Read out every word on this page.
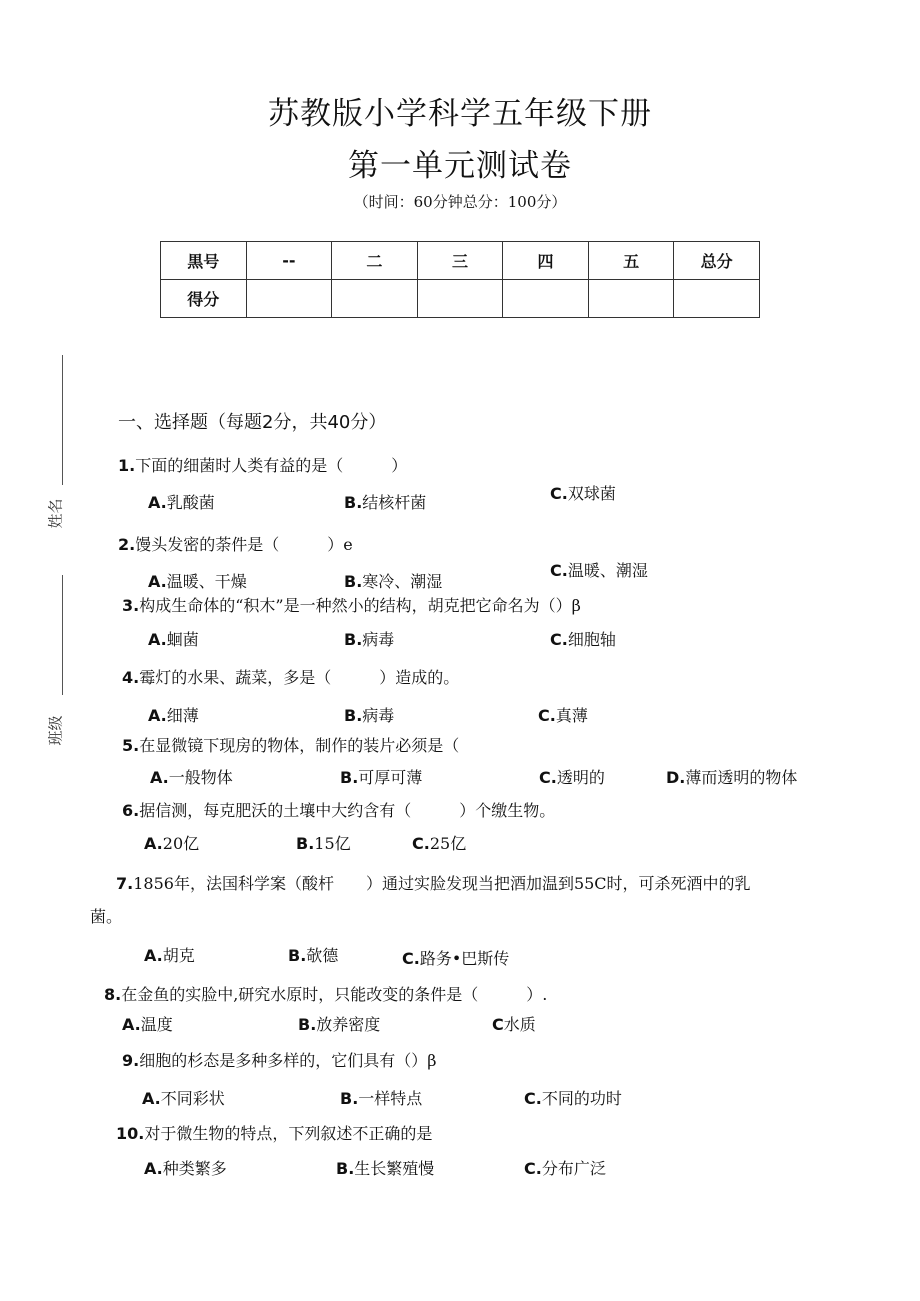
苏教版小学科学五年级下册
第一单元测试卷
（时间：60分钟总分：100分）
黒号	--	二	三	四	五	总分
得分						
姓名
班级
一、选择题（每题2分，共40分）
1.下面的细菌时人类有益的是（　　　）
A.乳酸菌	B.结核杆菌	C.双球菌
2.馒头发密的荼件是（　　　）e
A.温暖、干燥	B.寒冷、潮湿
C.温暖、潮湿
3.构成生命体的“积木”是一种然小的结构，胡克把它命名为（）β
A.蛔菌	B.病毒	C.细胞轴
4.霉灯的水果、蔬菜，多是（　　　）造成的。
A.细薄	B.病毒	C.真薄
5.在显微镜下现房的物体，制作的装片必须是（
A.一般物体	B.可厚可薄	C.透明的	D.薄而透明的物体
6.据信测，每克肥沃的土壤中大约含有（　　　）个缴生物。
A.20亿	B.15亿	C.25亿
7.1856年，法国科学案（酸杆　　）通过实脸发现当把酒加温到55C时，可杀死酒中的乳
菌。
A.胡克	B.欹德	C.路务•巴斯传
8.在金鱼的实脸中,研究水原时，只能改变的条件是（　　　）.
A.温度	B.放养密度	C水质
9.细胞的杉态是多种多样的，它们具有（）β
A.不同彩状	B.一样特点	C.不同的功时
10.对于微生物的特点，下列叙述不正确的是
A.种类繁多	B.生长繁殖慢	C.分布广泛
